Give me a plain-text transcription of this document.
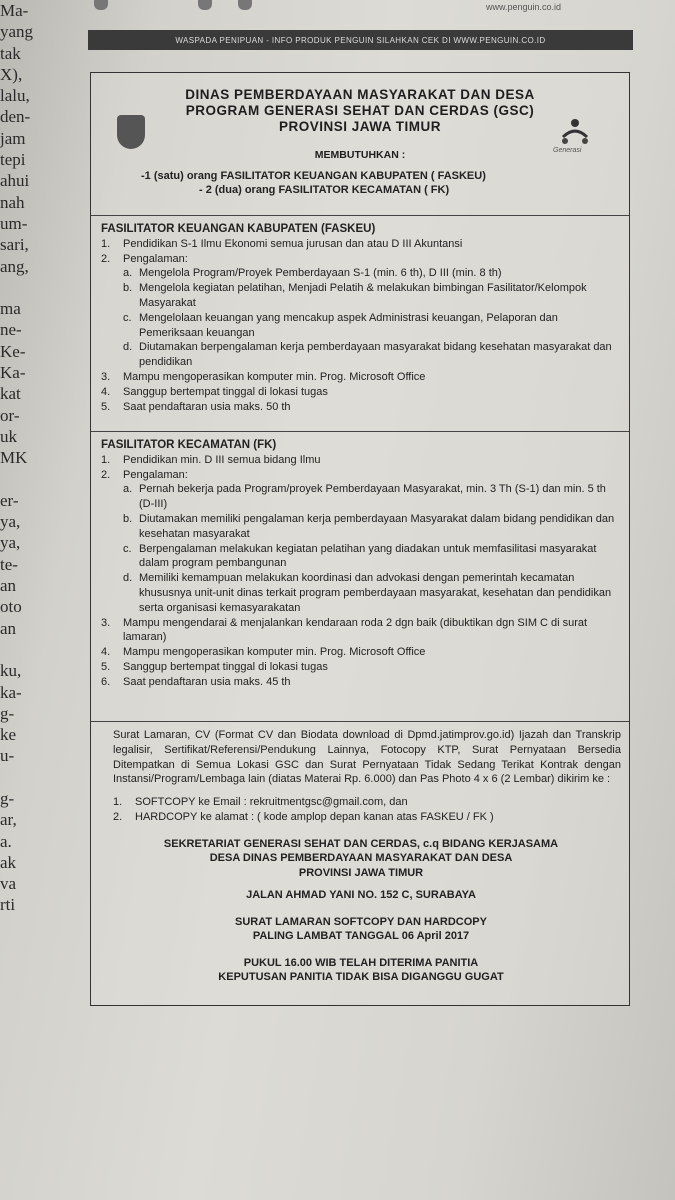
Ma-
yang
tak
X),
lalu,
den-
jam
tepi
ahui
nah
um-
sari,
ang,
ma
ne-
Ke-
Ka-
kat
or-
uk
MK
er-
ya,
ya,
te-
an
oto
an
ku,
ka-
g-
ke
u-
g-
ar,
a.
ak
va
rti
www.penguin.co.id
WASPADA PENIPUAN - INFO PRODUK PENGUIN SILAHKAN CEK DI WWW.PENGUIN.CO.ID
Generasi
DINAS PEMBERDAYAAN MASYARAKAT DAN DESA
PROGRAM GENERASI SEHAT DAN CERDAS (GSC)
PROVINSI JAWA TIMUR
MEMBUTUHKAN :
-1 (satu) orang FASILITATOR KEUANGAN KABUPATEN ( FASKEU)
- 2 (dua) orang FASILITATOR KECAMATAN ( FK)
FASILITATOR KEUANGAN KABUPATEN (FASKEU)
1.	Pendidikan S-1 Ilmu Ekonomi semua jurusan dan atau D III Akuntansi
2.	Pengalaman:
a. Mengelola Program/Proyek Pemberdayaan S-1 (min. 6 th), D III (min. 8 th)
b. Mengelola kegiatan pelatihan, Menjadi Pelatih & melakukan bimbingan Fasilitator/Kelompok Masyarakat
c. Mengelolaan keuangan yang mencakup aspek Administrasi keuangan, Pelaporan dan Pemeriksaan keuangan
d. Diutamakan berpengalaman kerja pemberdayaan masyarakat bidang kesehatan masyarakat dan pendidikan
3.	Mampu mengoperasikan komputer min. Prog. Microsoft Office
4.	Sanggup bertempat tinggal di lokasi tugas
5.	Saat pendaftaran usia maks. 50 th
FASILITATOR KECAMATAN (FK)
1.	Pendidikan min. D III semua bidang Ilmu
2.	Pengalaman:
a. Pernah bekerja pada Program/proyek Pemberdayaan Masyarakat, min. 3 Th (S-1) dan min. 5 th (D-III)
b. Diutamakan memiliki pengalaman kerja pemberdayaan Masyarakat dalam bidang pendidikan dan kesehatan masyarakat
c. Berpengalaman melakukan kegiatan pelatihan yang diadakan untuk memfasilitasi masyarakat dalam program pembangunan
d. Memiliki kemampuan melakukan koordinasi dan advokasi dengan pemerintah kecamatan khususnya unit-unit dinas terkait program pemberdayaan masyarakat, kesehatan dan pendidikan serta organisasi kemasyarakatan
3.	Mampu mengendarai & menjalankan kendaraan roda 2 dgn baik (dibuktikan dgn SIM C di surat lamaran)
4.	Mampu mengoperasikan komputer min. Prog. Microsoft Office
5.	Sanggup bertempat tinggal di lokasi tugas
6.	Saat pendaftaran usia maks. 45 th
Surat Lamaran, CV (Format CV dan Biodata download di Dpmd.jatimprov.go.id) Ijazah dan Transkrip legalisir, Sertifikat/Referensi/Pendukung Lainnya, Fotocopy KTP, Surat Pernyataan Bersedia Ditempatkan di Semua Lokasi GSC dan Surat Pernyataan Tidak Sedang Terikat Kontrak dengan Instansi/Program/Lembaga lain (diatas Materai Rp. 6.000) dan Pas Photo 4 x 6 (2 Lembar) dikirim ke :
1.	SOFTCOPY ke Email : rekruitmentgsc@gmail.com, dan
2.	HARDCOPY ke alamat : ( kode amplop depan kanan atas FASKEU / FK )
SEKRETARIAT GENERASI SEHAT DAN CERDAS, c.q BIDANG KERJASAMA
DESA DINAS PEMBERDAYAAN MASYARAKAT DAN DESA
PROVINSI JAWA TIMUR
JALAN AHMAD YANI NO. 152 C, SURABAYA
SURAT LAMARAN SOFTCOPY DAN HARDCOPY
PALING LAMBAT TANGGAL 06 April 2017
PUKUL 16.00 WIB TELAH DITERIMA PANITIA
KEPUTUSAN PANITIA TIDAK BISA DIGANGGU GUGAT
